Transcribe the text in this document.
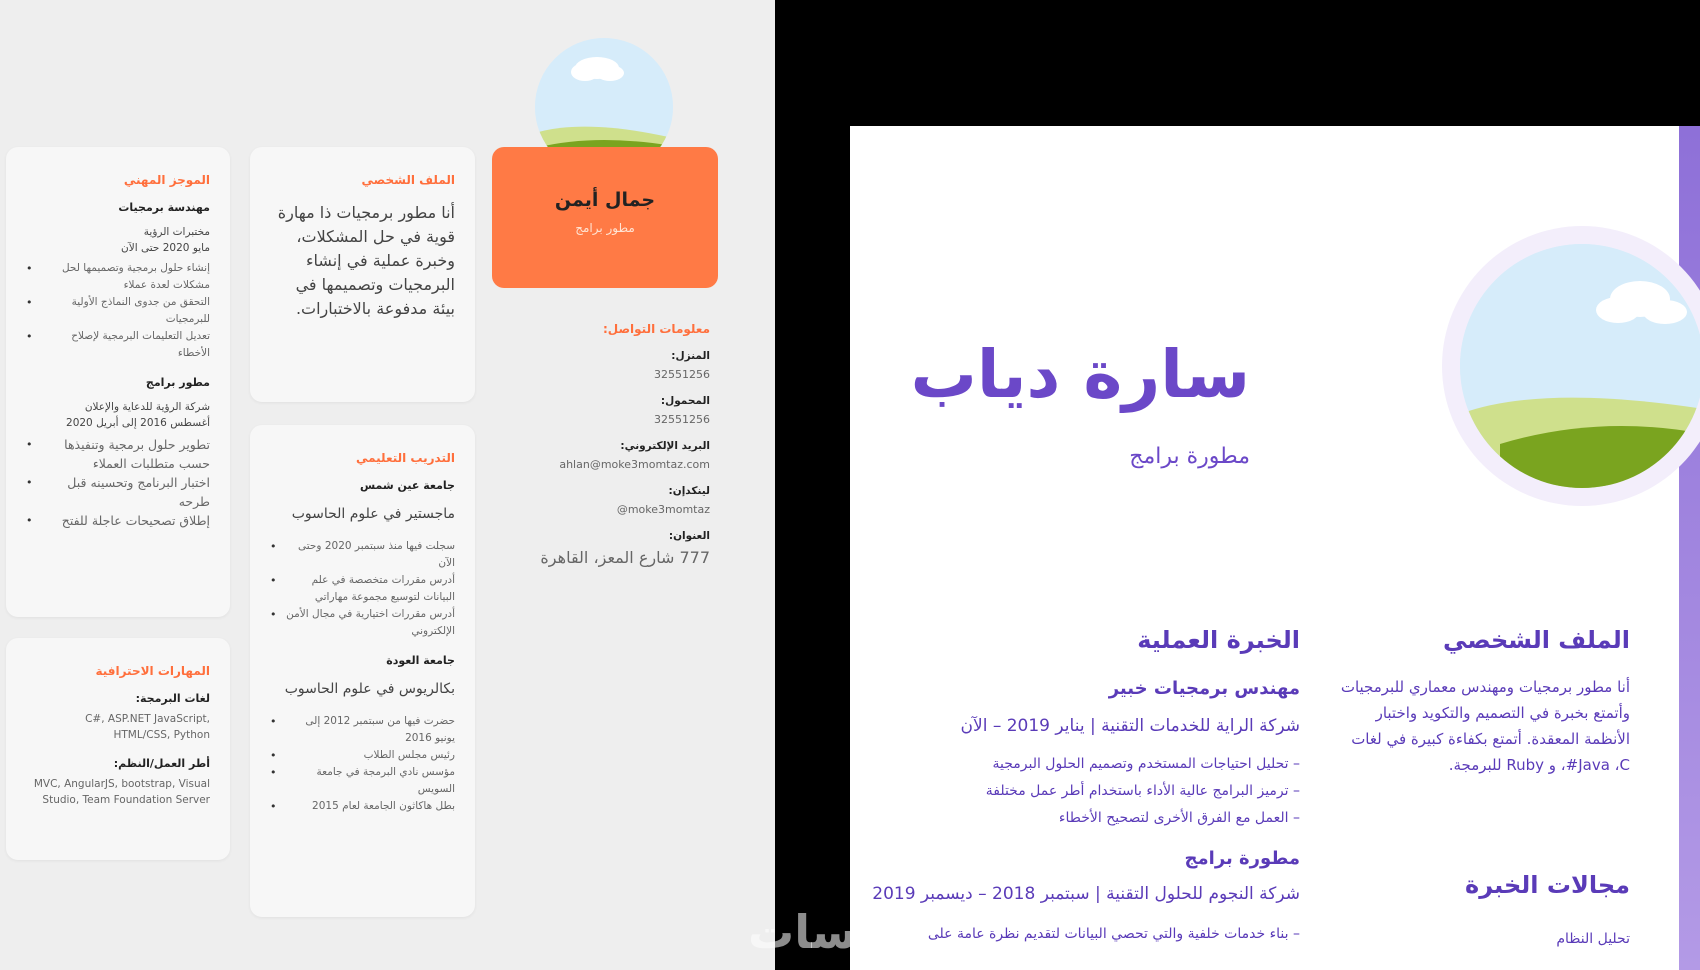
جمال أيمن
مطور برامج
معلومات التواصل:
المنزل:
32551256
المحمول:
32551256
البريد الإلكتروني:
ahlan@moke3momtaz.com
لينكدإن:
moke3momtaz@
العنوان:
777 شارع المعز، القاهرة
الملف الشخصي
أنا مطور برمجيات ذا مهارة قوية في حل المشكلات، وخبرة عملية في إنشاء البرمجيات وتصميمها في بيئة مدفوعة بالاختبارات.
التدريب التعليمي
جامعة عين شمس
ماجستير في علوم الحاسوب
سجلت فيها منذ سبتمبر 2020 وحتى الآن •
أدرس مقررات متخصصة في علم البيانات لتوسيع مجموعة مهاراتي •
أدرس مقررات اختيارية في مجال الأمن الإلكتروني •
جامعة العودة
بكالريوس في علوم الحاسوب
حضرت فيها من سبتمبر 2012 إلى يونيو 2016 •
رئيس مجلس الطلاب •
مؤسس نادي البرمجة في جامعة السويس •
بطل هاكاثون الجامعة لعام 2015 •
الموجز المهني
مهندسة برمجيات
مختبرات الرؤية
مايو 2020 حتى الآن
إنشاء حلول برمجية وتصميمها لحل مشكلات لعدة عملاء •
التحقق من جدوى النماذج الأولية للبرمجيات •
تعديل التعليمات البرمجية لإصلاح الأخطاء •
مطور برامج
شركة الرؤية للدعاية والإعلان
أغسطس 2016 إلى أبريل 2020
تطوير حلول برمجية وتنفيذها حسب متطلبات العملاء •
اختبار البرنامج وتحسينه قبل طرحه •
إطلاق تصحيحات عاجلة للفتح •
المهارات الاحترافية
لغات البرمجة:
C#, ASP.NET JavaScript, HTML/CSS, Python
أطر العمل/النظم:
MVC, AngularJS, bootstrap, Visual Studio, Team Foundation Server
سارة دياب
مطورة برامج
الملف الشخصي
أنا مطور برمجيات ومهندس معماري للبرمجيات وأتمتع بخبرة في التصميم والتكويد واختبار الأنظمة المعقدة. أتمتع بكفاءة كبيرة في لغات Java ،C#، و Ruby للبرمجة.
مجالات الخبرة
تحليل النظام
الخبرة العملية
مهندس برمجيات خبير
شركة الراية للخدمات التقنية | يناير 2019 – الآن
– تحليل احتياجات المستخدم وتصميم الحلول البرمجية
– ترميز البرامج عالية الأداء باستخدام أطر عمل مختلفة
– العمل مع الفرق الأخرى لتصحيح الأخطاء
مطورة برامج
شركة النجوم للحلول التقنية | سبتمبر 2018 – ديسمبر 2019
– بناء خدمات خلفية والتي تحصي البيانات لتقديم نظرة عامة على
خمسات
